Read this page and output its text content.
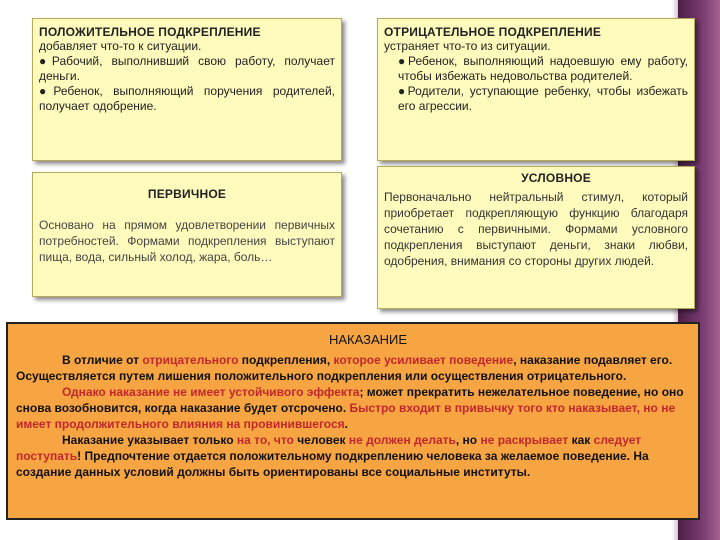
ПОЛОЖИТЕЛЬНОЕ ПОДКРЕПЛЕНИЕ
добавляет что-то к ситуации.
●Рабочий, выполнивший свою работу, получает деньги.
●Ребенок, выполняющий поручения родителей, получает одобрение.
ОТРИЦАТЕЛЬНОЕ ПОДКРЕПЛЕНИЕ
устраняет что-то из ситуации.
●Ребенок, выполняющий надоевшую ему работу, чтобы избежать недовольства родителей.
●Родители, уступающие ребенку, чтобы избежать его агрессии.
ПЕРВИЧНОЕ
Основано на прямом удовлетворении первичных потребностей. Формами подкрепления выступают пища, вода, сильный холод, жара, боль…
УСЛОВНОЕ
Первоначально нейтральный стимул, который приобретает подкрепляющую функцию благодаря сочетанию с первичными. Формами условного подкрепления выступают деньги, знаки любви, одобрения, внимания со стороны других людей.
НАКАЗАНИЕ
В отличие от отрицательного подкрепления, которое усиливает поведение, наказание подавляет его. Осуществляется путем лишения положительного подкрепления или осуществления отрицательного.
Однако наказание не имеет устойчивого эффекта; может прекратить нежелательное поведение, но оно снова возобновится, когда наказание будет отсрочено. Быстро входит в привычку того кто наказывает, но не имеет продолжительного влияния на провинившегося.
Наказание указывает только на то, что человек не должен делать, но не раскрывает как следует поступать! Предпочтение отдается положительному подкреплению человека за желаемое поведение. На создание данных условий должны быть ориентированы все социальные институты.
